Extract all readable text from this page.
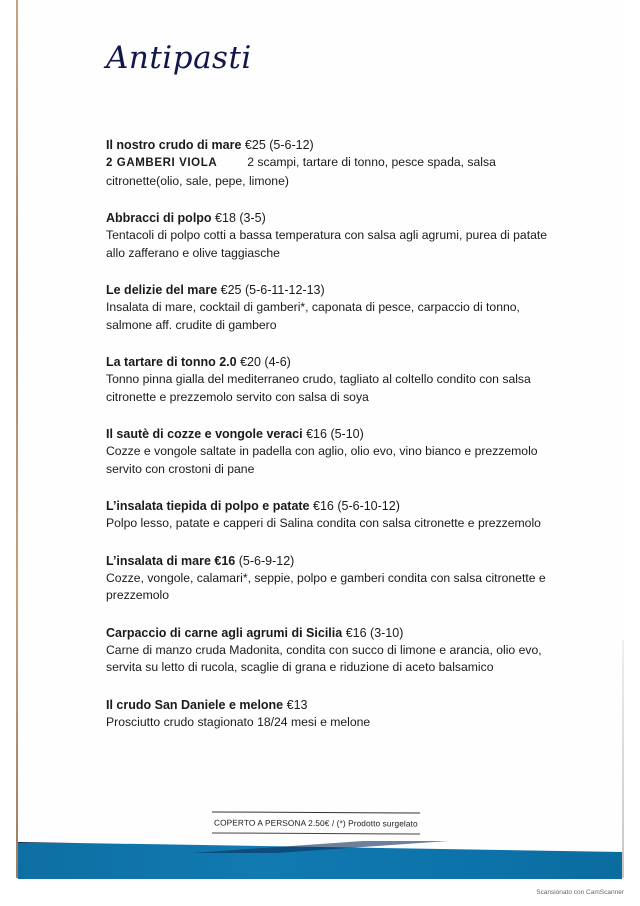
Antipasti
Il nostro crudo di mare €25 (5-6-12)
2 GAMBERI VIOLA 2 scampi, tartare di tonno, pesce spada, salsa citronette(olio, sale, pepe, limone)
Abbracci di polpo €18 (3-5)
Tentacoli di polpo cotti a bassa temperatura con salsa agli agrumi, purea di patate allo zafferano e olive taggiasche
Le delizie del mare €25 (5-6-11-12-13)
Insalata di mare, cocktail di gamberi*, caponata di pesce, carpaccio di tonno, salmone aff. crudite di gambero
La tartare di tonno 2.0 €20 (4-6)
Tonno pinna gialla del mediterraneo crudo, tagliato al coltello condito con salsa citronette e prezzemolo servito con salsa di soya
Il sautè di cozze e vongole veraci €16 (5-10)
Cozze e vongole saltate in padella con aglio, olio evo, vino bianco e prezzemolo servito con crostoni di pane
L’insalata tiepida di polpo e patate €16 (5-6-10-12)
Polpo lesso, patate e capperi di Salina condita con salsa citronette e prezzemolo
L’insalata di mare €16 (5-6-9-12)
Cozze, vongole, calamari*, seppie, polpo e gamberi condita con salsa citronette e prezzemolo
Carpaccio di carne agli agrumi di Sicilia €16 (3-10)
Carne di manzo cruda Madonita, condita con succo di limone e arancia, olio evo, servita su letto di rucola, scaglie di grana e riduzione di aceto balsamico
Il crudo San Daniele e melone €13
Prosciutto crudo stagionato 18/24 mesi e melone
COPERTO A PERSONA 2.50€ / (*) Prodotto surgelato
Scansionato con CamScanner
